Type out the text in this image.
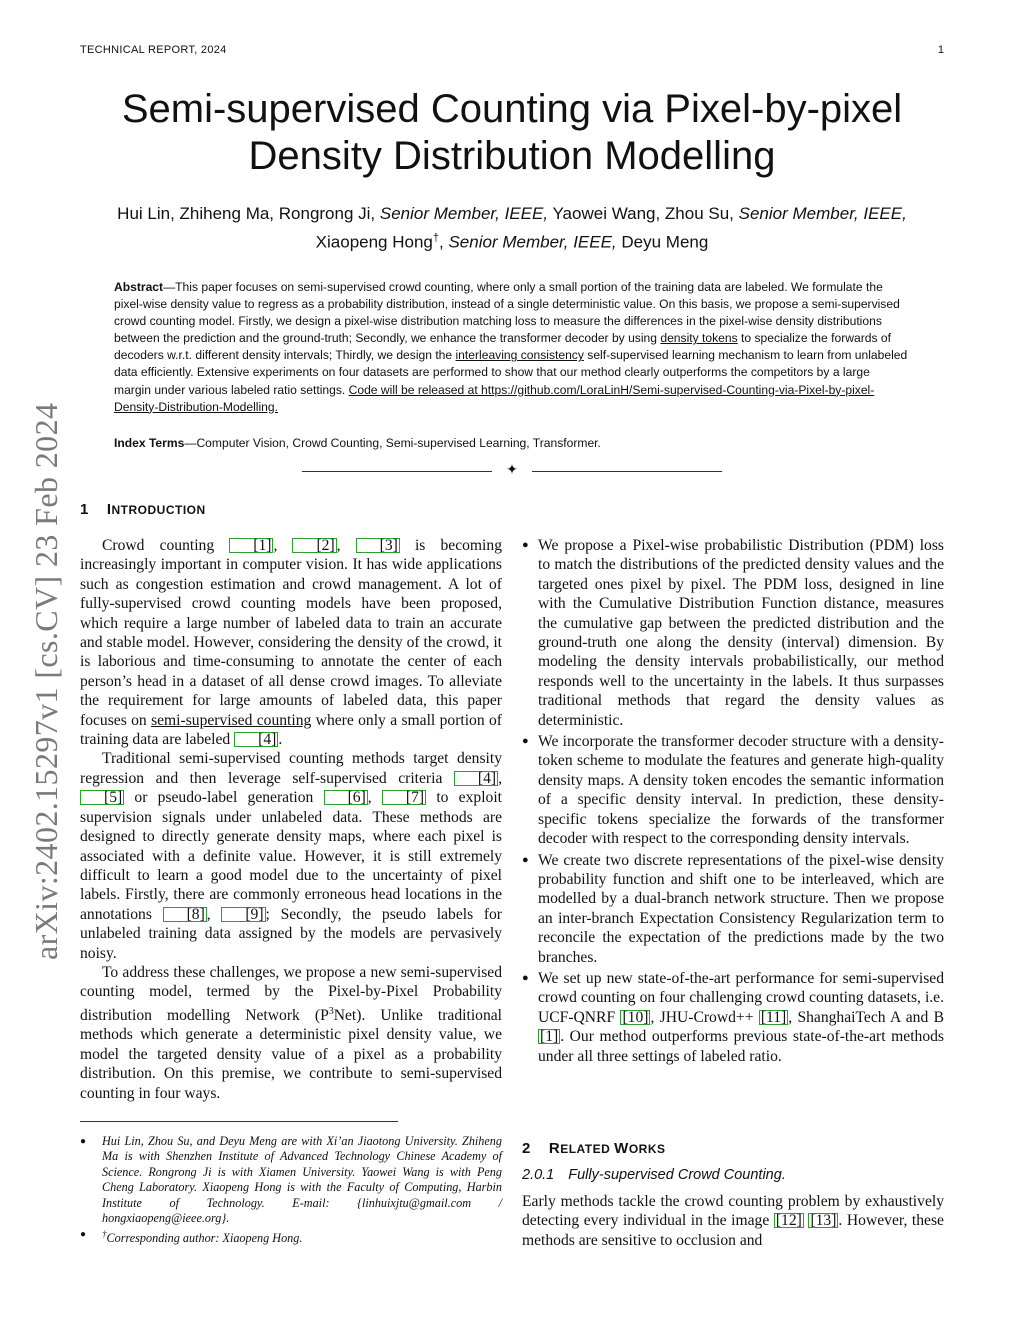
TECHNICAL REPORT, 2024	1
arXiv:2402.15297v1 [cs.CV] 23 Feb 2024
Semi-supervised Counting via Pixel-by-pixel
Density Distribution Modelling
Hui Lin, Zhiheng Ma, Rongrong Ji, Senior Member, IEEE, Yaowei Wang, Zhou Su, Senior Member, IEEE,
Xiaopeng Hong†, Senior Member, IEEE, Deyu Meng

Abstract—This paper focuses on semi-supervised crowd counting, where only a small portion of the training data are labeled. We formulate the pixel-wise density value to regress as a probability distribution, instead of a single deterministic value. On this basis, we propose a semi-supervised crowd counting model. Firstly, we design a pixel-wise distribution matching loss to measure the differences in the pixel-wise density distributions between the prediction and the ground-truth; Secondly, we enhance the transformer decoder by using density tokens to specialize the forwards of decoders w.r.t. different density intervals; Thirdly, we design the interleaving consistency self-supervised learning mechanism to learn from unlabeled data efficiently. Extensive experiments on four datasets are performed to show that our method clearly outperforms the competitors by a large margin under various labeled ratio settings. Code will be released at https://github.com/LoraLinH/Semi-supervised-Counting-via-Pixel-by-pixel-Density-Distribution-Modelling.

Index Terms—Computer Vision, Crowd Counting, Semi-supervised Learning, Transformer.

✦
1 INTRODUCTION

Crowd counting [1] , [2] , [3] is becoming increasingly important in computer vision. It has wide applications such as congestion estimation and crowd management. A lot of fully-supervised crowd counting models have been proposed, which require a large number of labeled data to train an accurate and stable model. However, considering the density of the crowd, it is laborious and time-consuming to annotate the center of each person’s head in a dataset of all dense crowd images. To alleviate the requirement for large amounts of labeled data, this paper focuses on semi-supervised counting where only a small portion of training data are labeled [4] .

Traditional semi-supervised counting methods target density regression and then leverage self-supervised criteria [4] , [5] or pseudo-label generation [6] , [7] to exploit supervision signals under unlabeled data. These methods are designed to directly generate density maps, where each pixel is associated with a definite value. However, it is still extremely difficult to learn a good model due to the uncertainty of pixel labels. Firstly, there are commonly erroneous head locations in the annotations [8] , [9] ; Secondly, the pseudo labels for unlabeled training data assigned by the models are pervasively noisy.

To address these challenges, we propose a new semi-supervised counting model, termed by the Pixel-by-Pixel Probability distribution modelling Network $(P^3Net)$. Unlike traditional methods which generate a deterministic pixel density value, we model the targeted density value of a pixel as a probability distribution. On this premise, we contribute to semi-supervised counting in four ways.

● Hui Lin, Zhou Su, and Deyu Meng are with Xi’an Jiaotong University. Zhiheng Ma is with Shenzhen Institute of Advanced Technology Chinese Academy of Science. Rongrong Ji is with Xiamen University. Yaowei Wang is with Peng Cheng Laboratory. Xiaopeng Hong is with the Faculty of Computing, Harbin Institute of Technology. E-mail: {linhuixjtu@gmail.com / hongxiaopeng@ieee.org}.
● †Corresponding author: Xiaopeng Hong.
● We propose a Pixel-wise probabilistic Distribution (PDM) loss to match the distributions of the predicted density values and the targeted ones pixel by pixel. The PDM loss, designed in line with the Cumulative Distribution Function distance, measures the cumulative gap between the predicted distribution and the ground-truth one along the density (interval) dimension. By modeling the density intervals probabilistically, our method responds well to the uncertainty in the labels. It thus surpasses traditional methods that regard the density values as deterministic.
● We incorporate the transformer decoder structure with a density-token scheme to modulate the features and generate high-quality density maps. A density token encodes the semantic information of a specific density interval. In prediction, these density-specific tokens specialize the forwards of the transformer decoder with respect to the corresponding density intervals.
● We create two discrete representations of the pixel-wise density probability function and shift one to be interleaved, which are modelled by a dual-branch network structure. Then we propose an inter-branch Expectation Consistency Regularization term to reconcile the expectation of the predictions made by the two branches.
● We set up new state-of-the-art performance for semi-supervised crowd counting on four challenging crowd counting datasets, i.e. UCF-QNRF [10] , JHU-Crowd++ [11] , ShanghaiTech A and B [1] . Our method outperforms previous state-of-the-art methods under all three settings of labeled ratio.
2 RELATED WORKS
2.0.1 Fully-supervised Crowd Counting.

Early methods tackle the crowd counting problem by exhaustively detecting every individual in the image [12] [13] . However, these methods are sensitive to occlusion and
